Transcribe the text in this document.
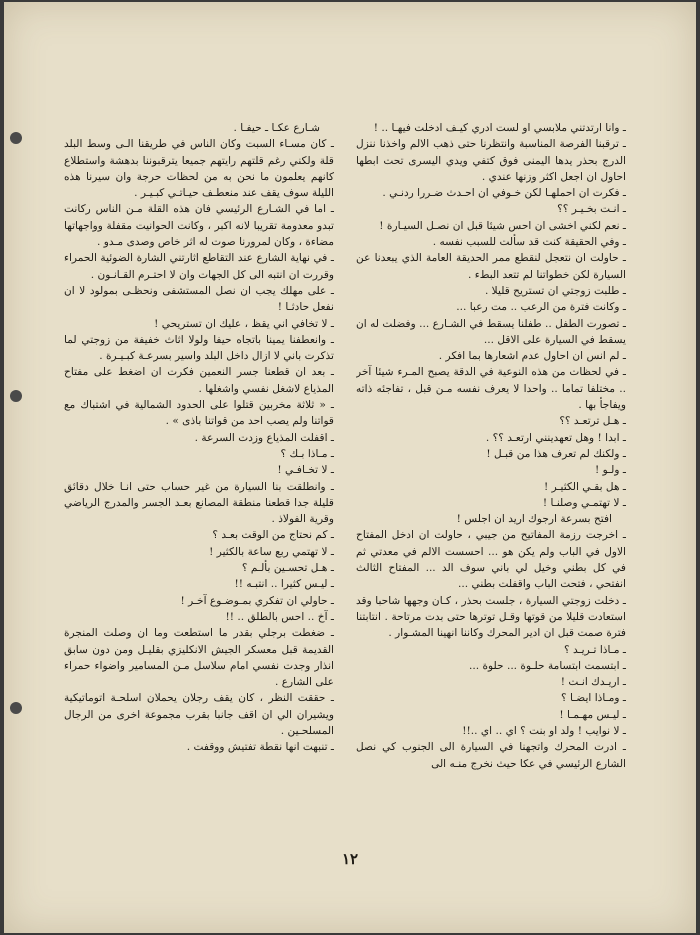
ـ وانا ارتدتني ملابسي او لست ادري كيـف ادخلت فيهـا .. !

ـ ترقبنا الفرصة المناسبة وانتظرنا حتى ذهب الالم واخذنا ننزل الدرج بحذر يدها اليمنى فوق كتفي ويدي اليسرى تحت ابطها احاول ان اجعل اكثر وزنها عندي .

ـ فكرت ان احملهـا لكن خـوفي ان احـدث ضـررا ردنـي .

ـ انـت بخـيـر ؟؟

ـ نعم لكني اخشى ان احس شيئا قبل ان نصـل السيـارة !

ـ وفي الحقيقة كنت قد سألت للسبب نفسه .

ـ حاولت ان نتعجل لنقطع ممر الحديقة العامة الذي يبعدنا عن السيارة لكن خطواتنا لم تتعد البطء .

ـ طلبت زوجتي ان تستريح قليلا .

ـ وكانت فترة من الرعب .. مت رعبا ...

ـ تصورت الطفل .. طفلنا يسقط في الشـارع ... وفضلت له ان يسقط في السيارة على الاقل ...

ـ لم انس ان احاول عدم اشعارها بما افكر .

ـ في لحظات من هذه النوعية في الدقة يصبح المـرء شيئا آخر .. مختلفا تماما .. واحدا لا يعرف نفسه مـن قبل ، تفاجئه ذاته ويفاجأ بها .

ـ هـل ترتعـد ؟؟

ـ ابدا ! وهل تعهدينني ارتعـد ؟؟ .

ـ ولكنك لم تعرف هذا من قبـل !

ـ ولـو !

ـ هل بقـي الكثيـر !

ـ لا تهتمـي وصلنـا !

افتح بسرعة ارجوك اريد ان اجلس !

ـ اخرجت رزمة المفاتيح من جيبي ، حاولت ان ادخل المفتاح الاول في الباب ولم يكن هو ... احسست الالم في معدتي ثم في كل بطني وخيل لي باني سوف الد ... المفتاح الثالث انفتحي ، فتحت الباب واقفلت بطني ...

ـ دخلت زوجتي السيارة ، جلست بحذر ، كـان وجهها شاحبا وقد استعادت قليلا من قوتها وقـل توترها حتى بدت مرتاحة . انتابتنا فترة صمت قبل ان ادير المحرك وكاننا انهينا المشـوار .

ـ مـاذا تـريـد ؟

ـ ابتسمت ابتسامة حلـوة ... حلوة ...

ـ اريـدك انـت !

ـ ومـاذا ايضـا ؟

ـ ليـس مهـمـا !

ـ لا نوايب ! ولد او بنت ؟ اي .. اي ..!!

ـ ادرت المحرك واتجهنا في السيارة الى الجنوب كي نصل الشارع الرئيسي في عكا حيث نخرج منـه الى

شـارع عكـا ـ حيفـا .

ـ كان مسـاء السبت وكان الناس في طريقنا الـى وسط البلد قلة ولكني رغم قلتهم رايتهم جميعا يترقبوننا بدهشة واستطلاع كانهم يعلمون ما نحن به من لحظات حرجة وان سيرنا هذه الليلة سوف يقف عند منعطـف حيـاتـي كبـيـر .

ـ اما في الشـارع الرئيسي فان هذه القلة مـن الناس ركانت تبدو معدومة تقريبا لانه اكبر ، وكانت الحوانيت مقفلة وواجهاتها مضاءة ، وكان لمرورنا صوت له اثر خاص وصدى مـدو .

ـ في نهاية الشارع عند التقاطع اثارتني الشارة الضوئية الحمراء وقررت ان انتبه الى كل الجهات وان لا احتـرم القـانـون .

ـ على مهلك يجب ان نصل المستشفى ونحظـى بمولود لا ان نفعل حادثـا !

ـ لا تخافي اني يقظ ، عليك ان تستريحي !

ـ وانعطفنا يمينا باتجاه حيفا ولولا اثاث خفيفة من زوجتي لما تذكرت باني لا ازال داخل البلد واسير بسرعـة كبـيـرة .

ـ بعد ان قطعنا جسر النعمين فكرت ان اضغط على مفتاح المذياع لاشغل نفسي واشغلها .

ـ « ثلاثة مخربين قتلوا على الحدود الشمالية في اشتباك مع قواتنا ولم يصب احد من قواتنا باذى » .

ـ اقفلت المذياع وزدت السرعة .

ـ مـاذا بـك ؟

ـ لا تخـافـي !

ـ وانطلقت بنا السيارة من غير حساب حتى انـا خلال دقائق قليلة جدا قطعنا منطقة المصانع بعـد الجسر والمدرج الرياضي وقرية الفولاذ .

ـ كم نحتاج من الوقت بعـد ؟

ـ لا تهتمي ربع ساعة بالكثير !

ـ هـل تحسـين بألـم ؟

ـ ليـس كثيرا .. انتبـه !!

ـ حاولي ان تفكري بمـوضـوع آخـر !

ـ آخ .. احس بالطلق .. !!

ـ ضغطت برجلي بقدر ما استطعت وما ان وصلت المنجرة القديمة قبل معسكر الجيش الانكليزي بقليـل ومن دون سابق انذار وجدت نفسي امام سلاسل مـن المسامير واضواء حمراء على الشارع .

ـ حققت النظر ، كان يقف رجلان يحملان اسلحـة اتوماتيكية ويشيران الي ان اقف جانبا بقرب مجموعة اخرى من الرجال المسلحـين .

ـ تنبهت انها نقطة تفتيش ووقفت .

١٢
